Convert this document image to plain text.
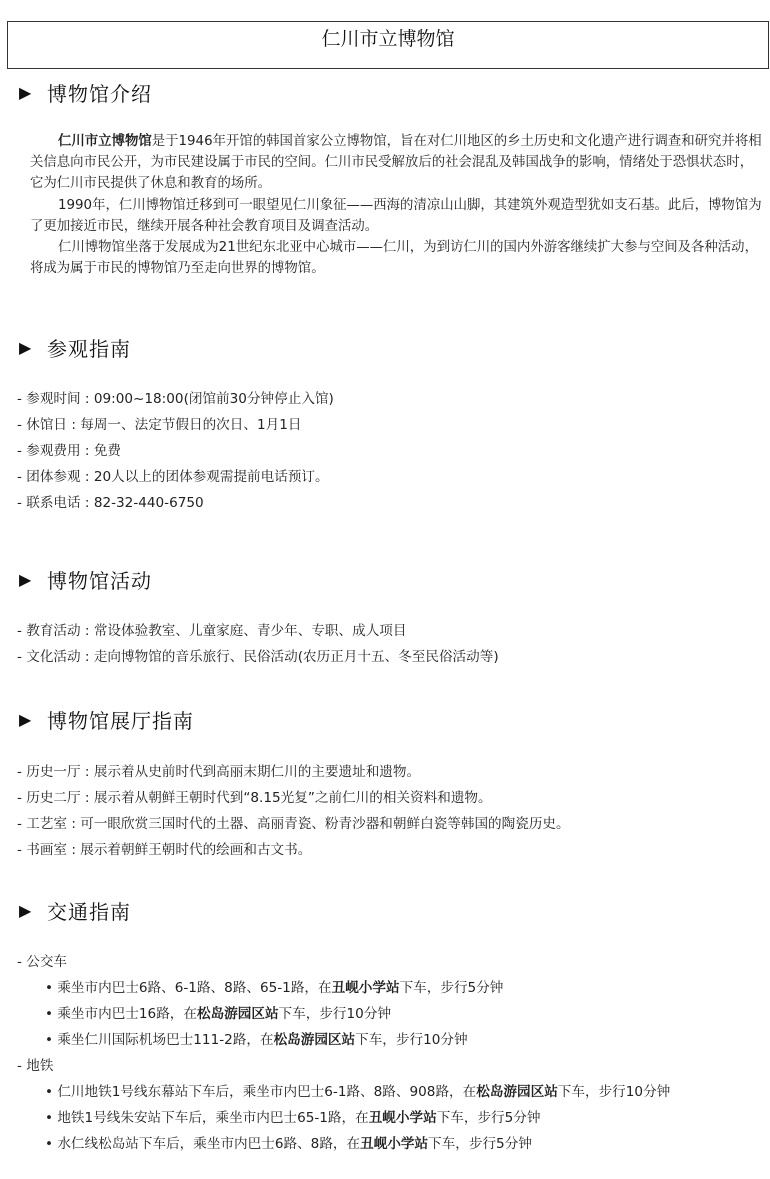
仁川市立博物馆
▶ 博物馆介绍

仁川市立博物馆是于1946年开馆的韩国首家公立博物馆，旨在对仁川地区的乡土历史和文化遗产进行调查和研究并将相关信息向市民公开，为市民建设属于市民的空间。仁川市民受解放后的社会混乱及韩国战争的影响，情绪处于恐惧状态时，它为仁川市民提供了休息和教育的场所。

1990年，仁川博物馆迁移到可一眼望见仁川象征——西海的清凉山山脚，其建筑外观造型犹如支石基。此后，博物馆为了更加接近市民，继续开展各种社会教育项目及调查活动。

仁川博物馆坐落于发展成为21世纪东北亚中心城市——仁川，为到访仁川的国内外游客继续扩大参与空间及各种活动，将成为属于市民的博物馆乃至走向世界的博物馆。

▶ 参观指南
- 参观时间 : 09:00~18:00(闭馆前30分钟停止入馆)
- 休馆日 : 每周一、法定节假日的次日、1月1日
- 参观费用 : 免费
- 团体参观 : 20人以上的团体参观需提前电话预订。
- 联系电话 : 82-32-440-6750
▶ 博物馆活动
- 教育活动 : 常设体验教室、儿童家庭、青少年、专职、成人项目
- 文化活动 : 走向博物馆的音乐旅行、民俗活动(农历正月十五、冬至民俗活动等)
▶ 博物馆展厅指南
- 历史一厅 : 展示着从史前时代到高丽末期仁川的主要遗址和遗物。
- 历史二厅 : 展示着从朝鲜王朝时代到“8.15光复”之前仁川的相关资料和遗物。
- 工艺室 : 可一眼欣赏三国时代的土器、高丽青瓷、粉青沙器和朝鲜白瓷等韩国的陶瓷历史。
- 书画室 : 展示着朝鲜王朝时代的绘画和古文书。
▶ 交通指南
- 公交车
• 乘坐市内巴士6路、6-1路、8路、65-1路，在丑岘小学站下车，步行5分钟
• 乘坐市内巴士16路，在松岛游园区站下车，步行10分钟
• 乘坐仁川国际机场巴士111-2路，在松岛游园区站下车，步行10分钟
- 地铁
• 仁川地铁1号线东幕站下车后，乘坐市内巴士6-1路、8路、908路，在松岛游园区站下车，步行10分钟
• 地铁1号线朱安站下车后，乘坐市内巴士65-1路，在丑岘小学站下车，步行5分钟
• 水仁线松岛站下车后，乘坐市内巴士6路、8路，在丑岘小学站下车，步行5分钟
